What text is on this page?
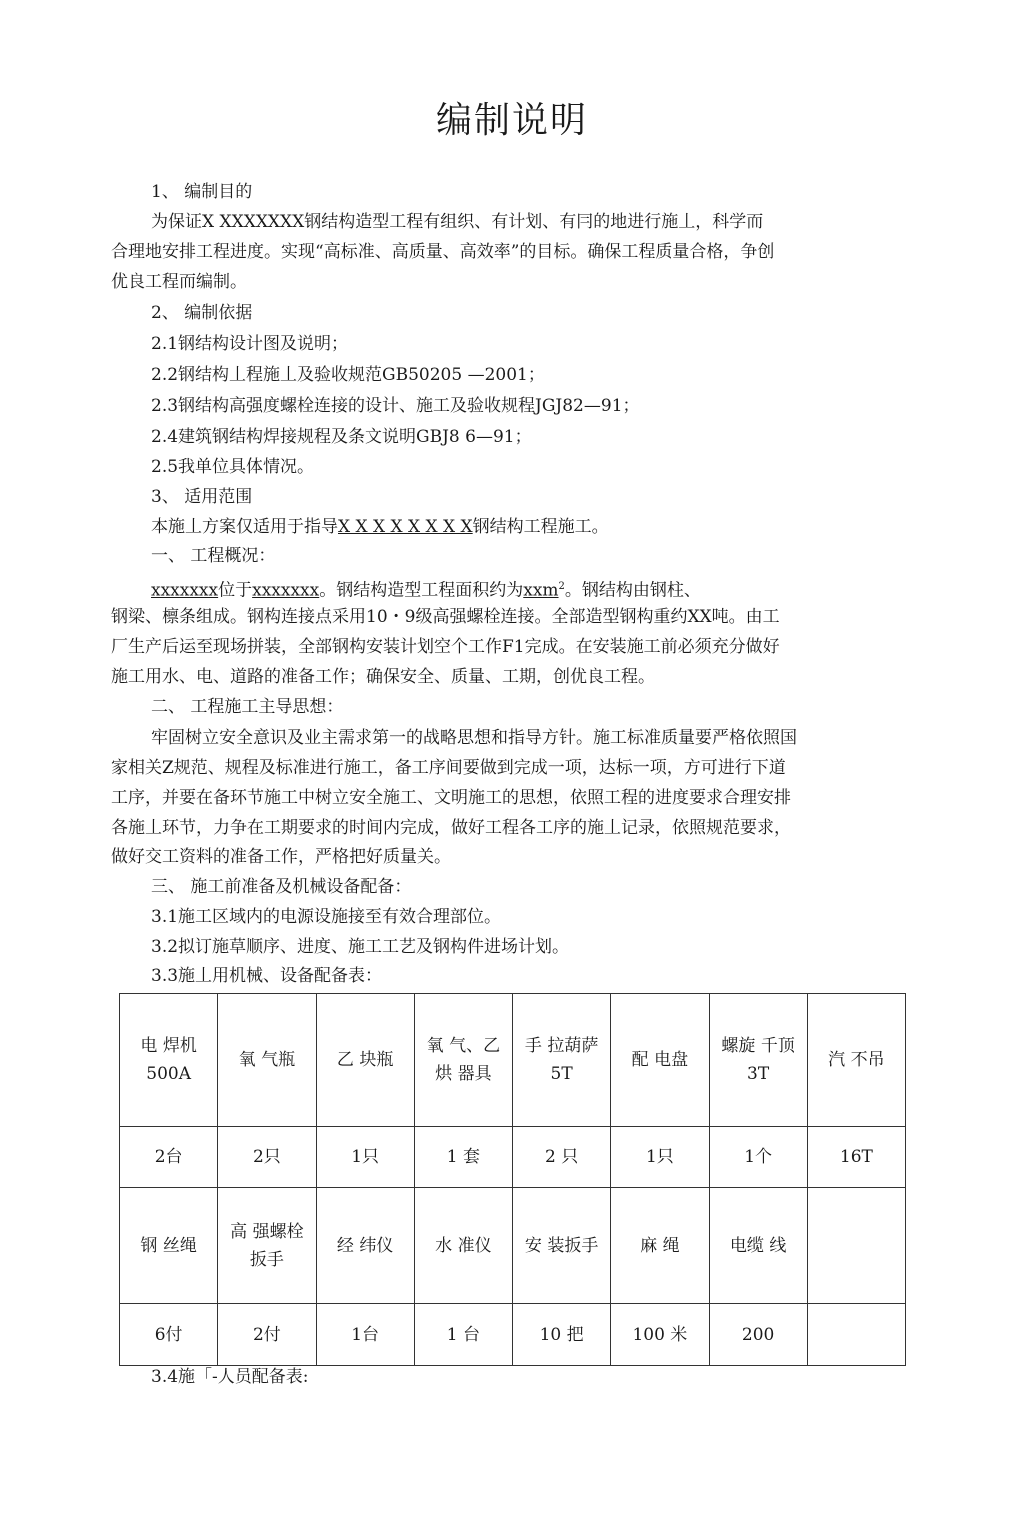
编制说明
1、 编制目的
为保证X XXXXXXX钢结构造型工程有组织、有计划、有冃的地进行施丄，科学而
合理地安排工程进度。实现“高标准、高质量、高效率”的目标。确保工程质量合格，争创
优良工程而编制。
2、 编制依据
2.1钢结构设计图及说明；
2.2钢结构丄程施丄及验收规范GB50205 —2001；
2.3钢结构高强度螺栓连接的设计、施工及验收规程JGJ82—91；
2.4建筑钢结构焊接规程及条文说明GBJ8 6—91；
2.5我单位具体情况。
3、 适用范围
本施丄方案仅适用于指导X X X X X X X X钢结构工程施工。
一、 工程概况：
xxxxxxx位于xxxxxxx。钢结构造型工程面积约为xxm$^2$。钢结构由钢柱、
钢梁、檩条组成。钢构连接点采用10・9级高强螺栓连接。全部造型钢构重约XX吨。由工
厂生产后运至现场拼装，全部钢构安装计划空个工作F1完成。在安装施工前必须充分做好
施工用水、电、道路的准备工作；确保安全、质量、工期，创优良工程。
二、 工程施工主导思想：
牢固树立安全意识及业主需求第一的战略思想和指导方针。施工标准质量要严格依照国
家相关Z规范、规程及标准进行施工，备工序间要做到完成一项，达标一项，方可进行下道
工序，并要在备环节施工中树立安全施工、文明施工的思想，依照工程的进度要求合理安排
各施丄环节，力争在工期要求的时间内完成，做好工程各工序的施丄记录，依照规范要求，
做好交工资料的准备工作，严格把好质量关。
三、 施工前准备及机械设备配备：
3.1施工区域内的电源设施接至有效合理部位。
3.2拟订施草顺序、进度、施工工艺及钢构件进场计划。
3.3施丄用机械、设备配备表：
电 焊机 500A	氧 气瓶	乙 块瓶	氧 气、乙烘 器具	手 拉葫萨 5T	配 电盘	螺旋 千顶3T	汽 不吊
2台	2只	1只	1 套	2 只	1只	1个	16T
钢 丝绳	高 强螺栓 扳手	经 纬仪	水 准仪	安 装扳手	麻 绳	电缆 线	
6付	2付	1台	1 台	10 把	100 米	200	
3.4施「-人员配备表:
